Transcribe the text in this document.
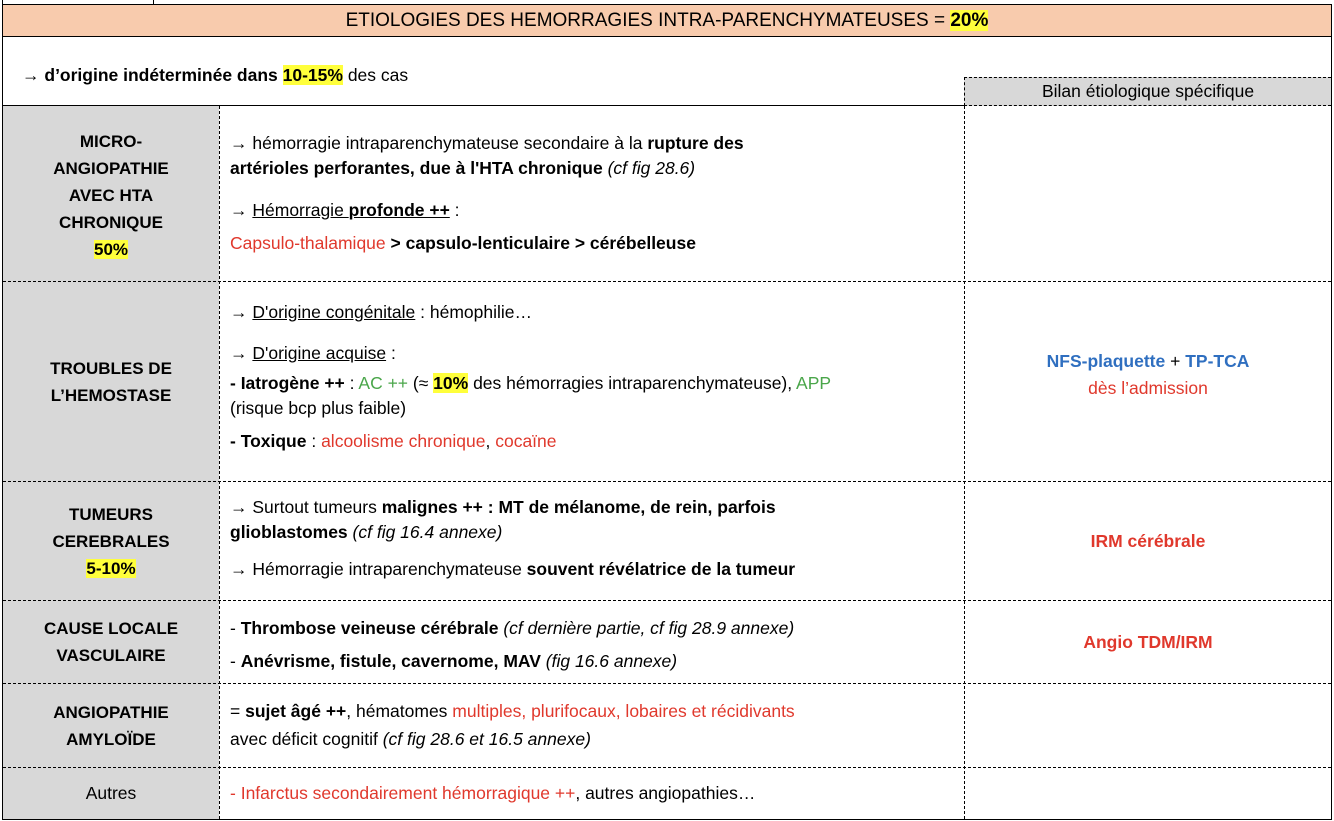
ETIOLOGIES DES HEMORRAGIES INTRA-PARENCHYMATEUSES = 20%
→ d’origine indéterminée dans 10-15% des cas
Bilan étiologique spécifique
MICRO-
ANGIOPATHIE
AVEC HTA
CHRONIQUE
50%

→ hémorragie intraparenchymateuse secondaire à la rupture des

artérioles perforantes, due à l'HTA chronique (cf fig 28.6)

→ Hémorragie profonde ++ :

Capsulo-thalamique > capsulo-lenticulaire > cérébelleuse

TROUBLES DE
L’HEMOSTASE

→ D'origine congénitale : hémophilie…

→ D'origine acquise :

- Iatrogène ++ : AC ++ (≈ 10% des hémorragies intraparenchymateuse), APP

(risque bcp plus faible)

- Toxique : alcoolisme chronique, cocaïne

NFS-plaquette + TP-TCA
dès l’admission
TUMEURS
CEREBRALES
5-10%

→ Surtout tumeurs malignes ++ : MT de mélanome, de rein, parfois

glioblastomes (cf fig 16.4 annexe)

→ Hémorragie intraparenchymateuse souvent révélatrice de la tumeur

IRM cérébrale
CAUSE LOCALE
VASCULAIRE

- Thrombose veineuse cérébrale (cf dernière partie, cf fig 28.9 annexe)

- Anévrisme, fistule, cavernome, MAV (fig 16.6 annexe)

Angio TDM/IRM
ANGIOPATHIE
AMYLOÏDE

= sujet âgé ++, hématomes multiples, plurifocaux, lobaires et récidivants

avec déficit cognitif (cf fig 28.6 et 16.5 annexe)

Autres	- Infarctus secondairement hémorragique ++, autres angiopathies…
